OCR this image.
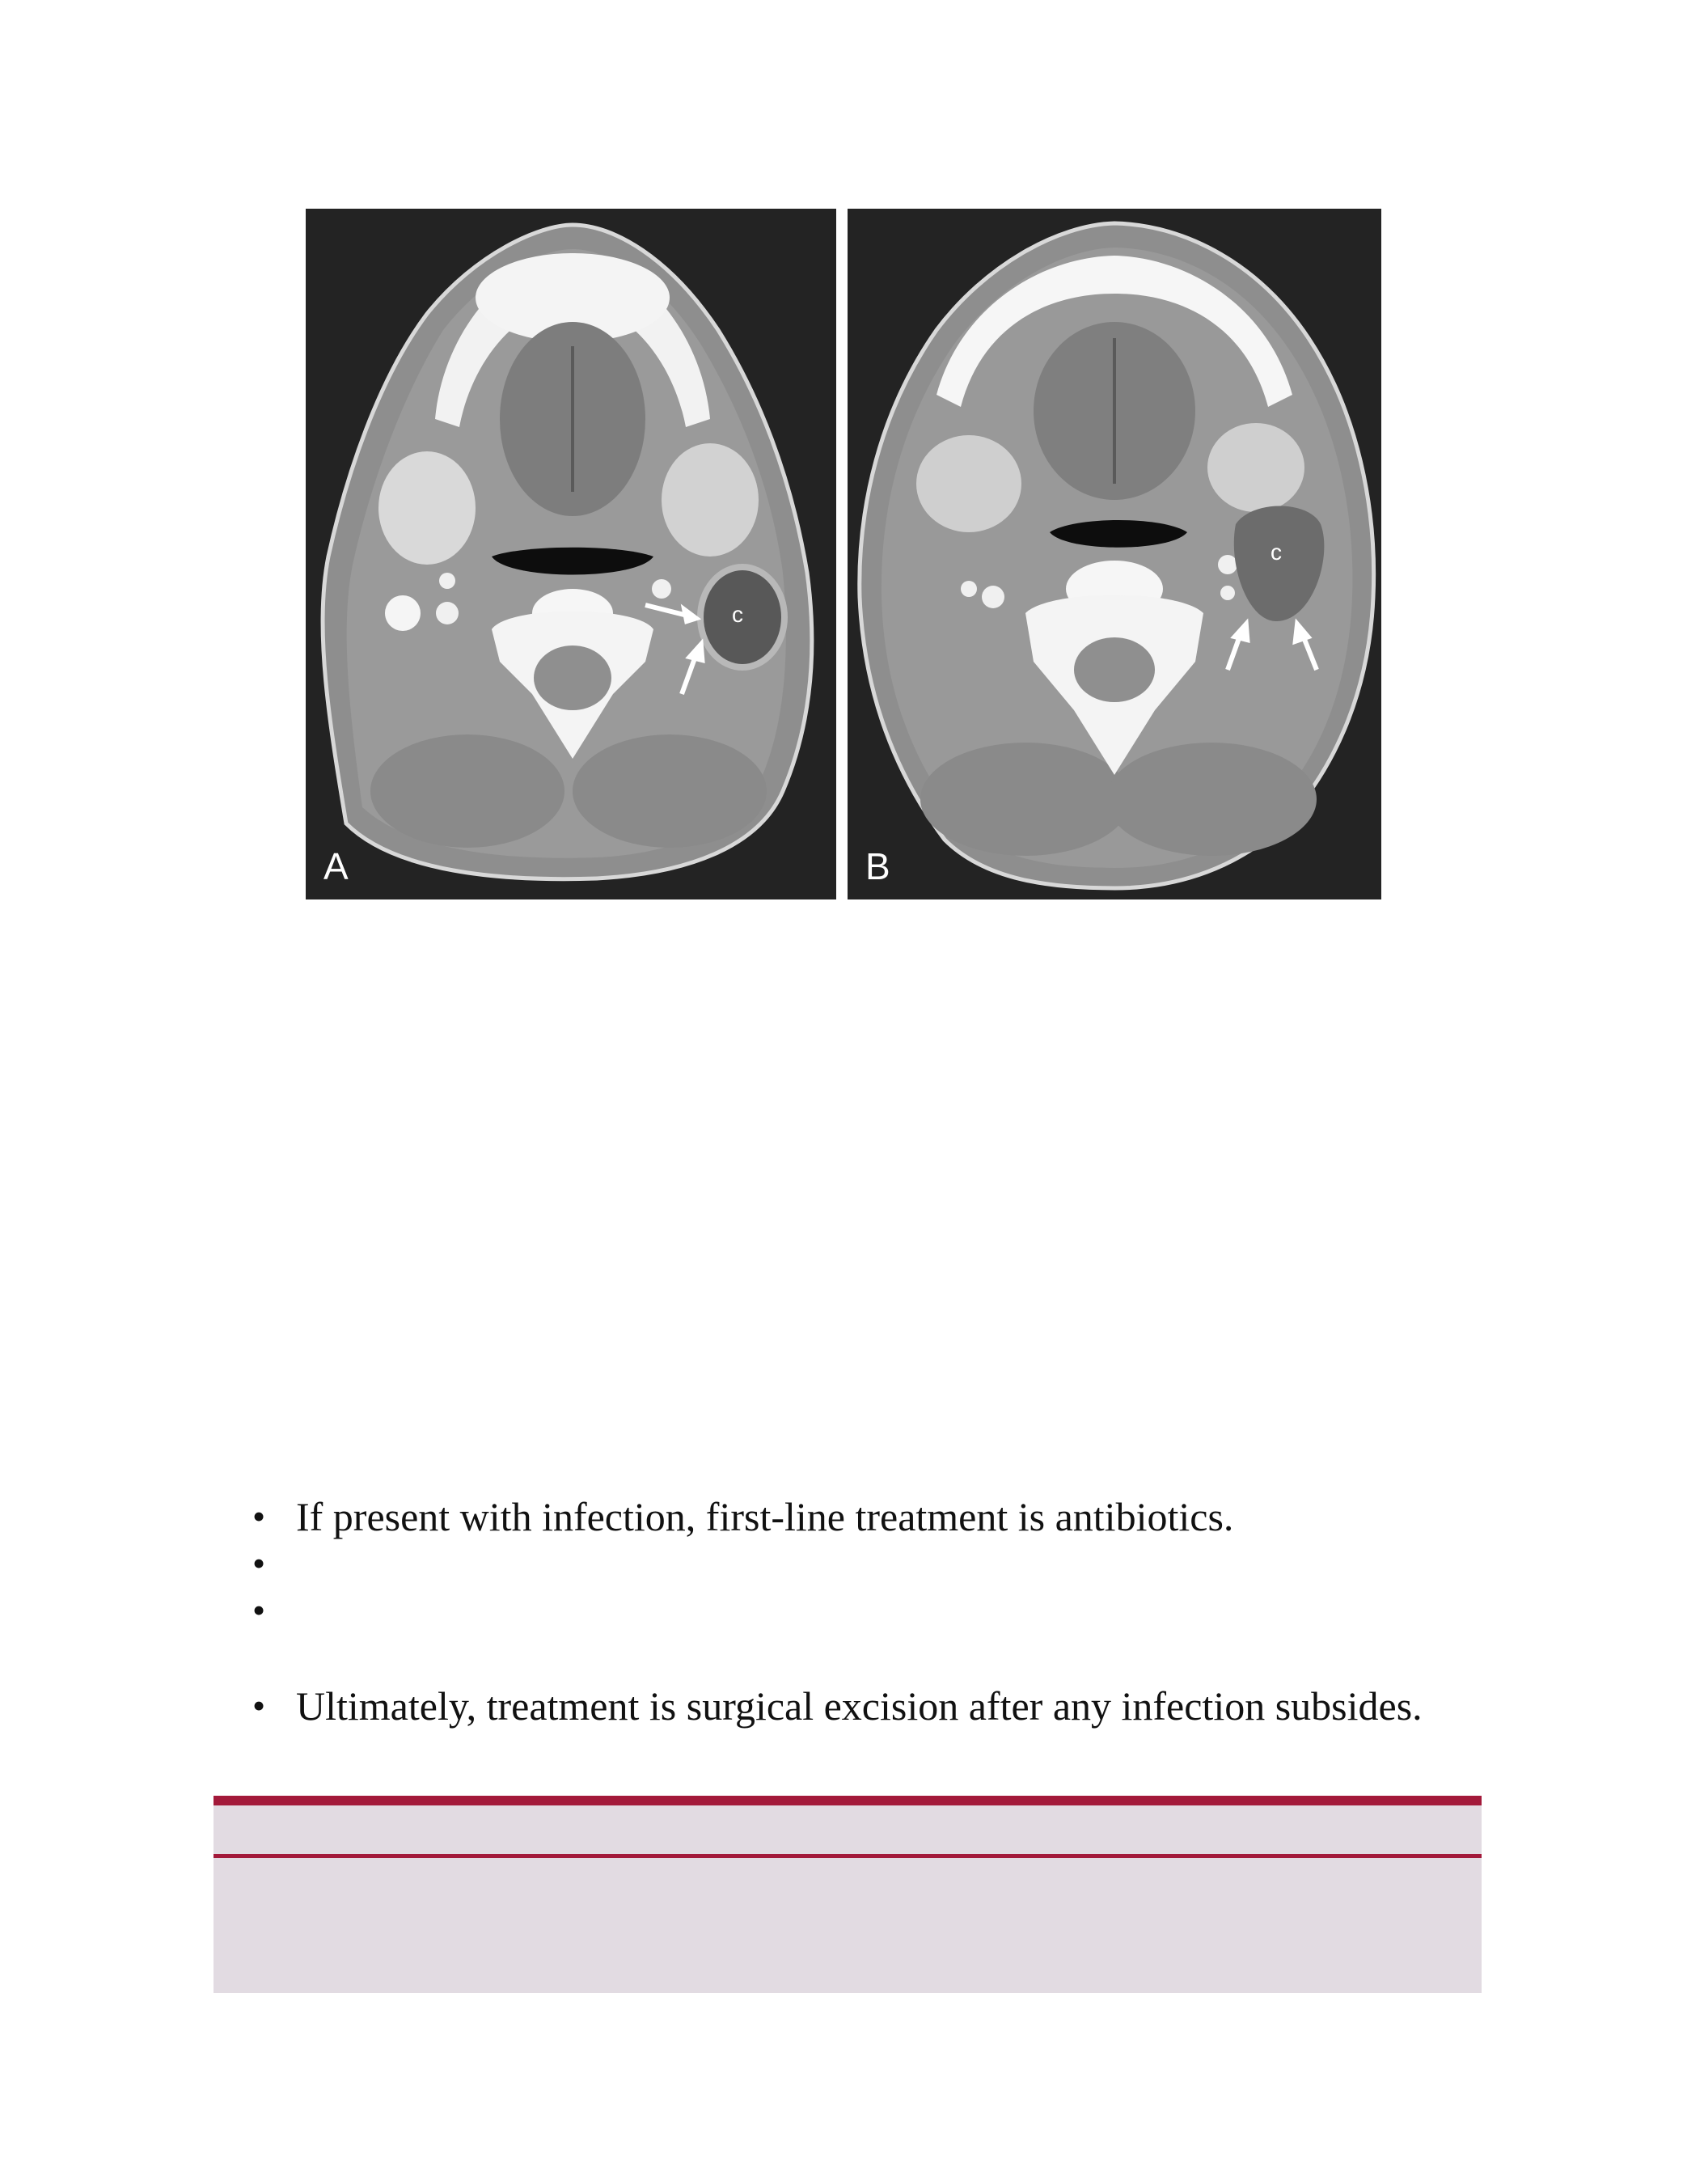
c
A
c
B
• If present with infection, first-line treatment is antibiotics.
•
•
• Ultimately, treatment is surgical excision after any infection subsides.
